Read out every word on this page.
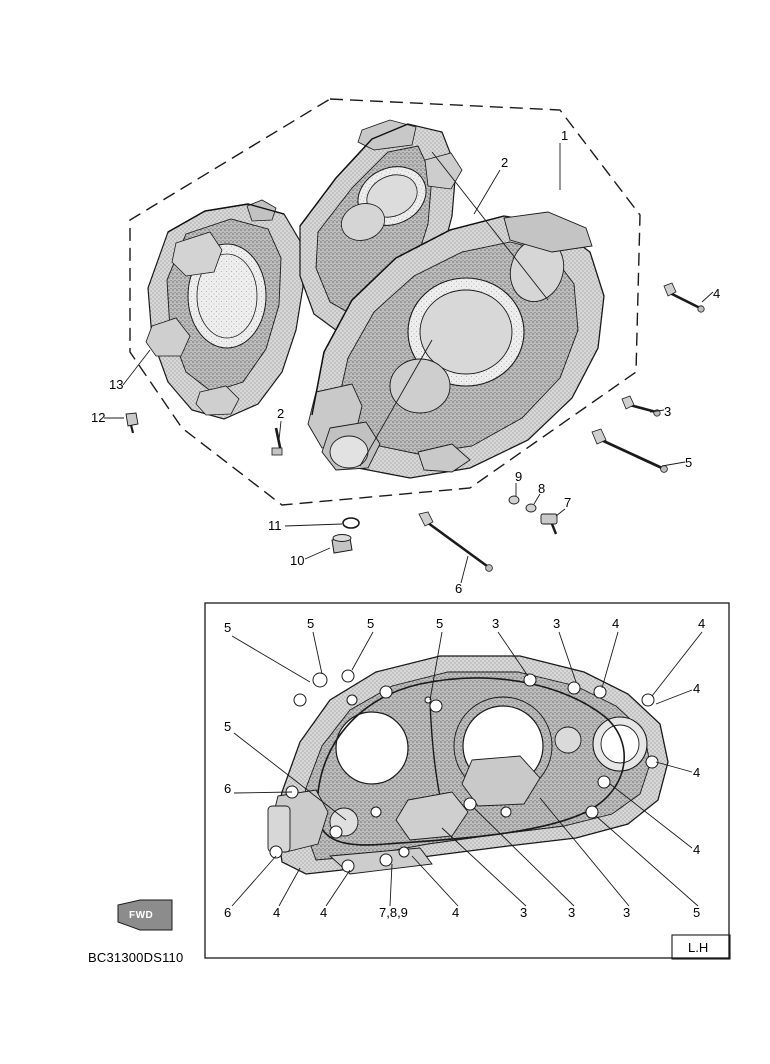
1
2
4
13
12	3
2
5
9
8
7
11
10
6
5	5	5	5	3	3	4	4
4
4
4
5
6
6	4	4	7,8,9	4	3	3	3	5
FWD
BC31300DS110
L.H
